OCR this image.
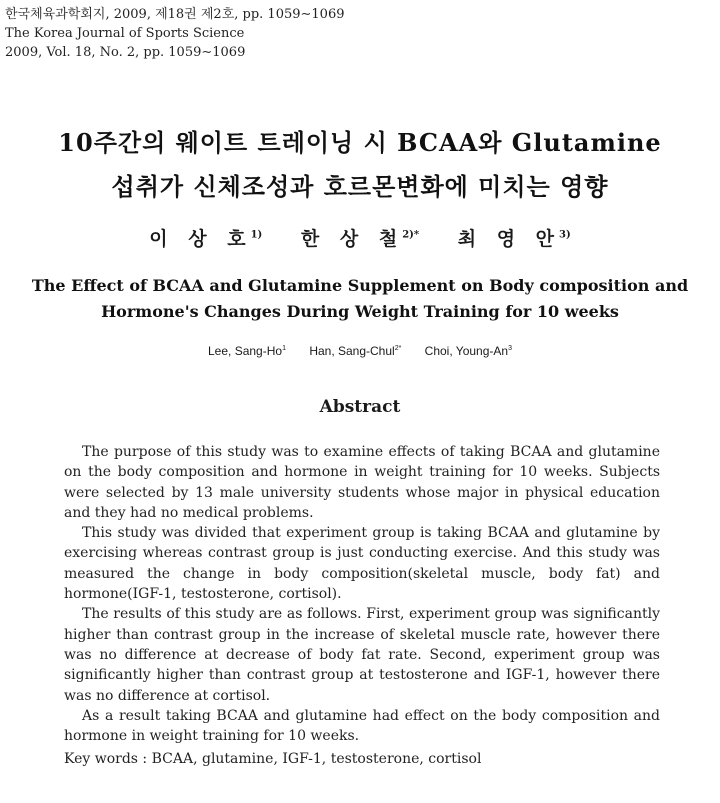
한국체육과학회지, 2009, 제18권 제2호, pp. 1059∼1069
The Korea Journal of Sports Science
2009, Vol. 18, No. 2, pp. 1059∼1069
10주간의 웨이트 트레이닝 시 BCAA와 Glutamine
섭취가 신체조성과 호르몬변화에 미치는 영향
이 상 호$^{1)}$ 한 상 철$^{2)*}$ 최 영 안$^{3)}$
The Effect of BCAA and Glutamine Supplement on Body composition and
Hormone's Changes During Weight Training for 10 weeks
Lee, Sang-Ho$^1$ Han, Sang-Chul$^{2*}$ Choi, Young-An$^3$
Abstract

The purpose of this study was to examine effects of taking BCAA and glutamine on the body composition and hormone in weight training for 10 weeks. Subjects were selected by 13 male university students whose major in physical education and they had no medical problems.

This study was divided that experiment group is taking BCAA and glutamine by exercising whereas contrast group is just conducting exercise. And this study was measured the change in body composition(skeletal muscle, body fat) and hormone(IGF-1, testosterone, cortisol).

The results of this study are as follows. First, experiment group was significantly higher than contrast group in the increase of skeletal muscle rate, however there was no difference at decrease of body fat rate. Second, experiment group was significantly higher than contrast group at testosterone and IGF-1, however there was no difference at cortisol.

As a result taking BCAA and glutamine had effect on the body composition and hormone in weight training for 10 weeks.

Key words : BCAA, glutamine, IGF-1, testosterone, cortisol
